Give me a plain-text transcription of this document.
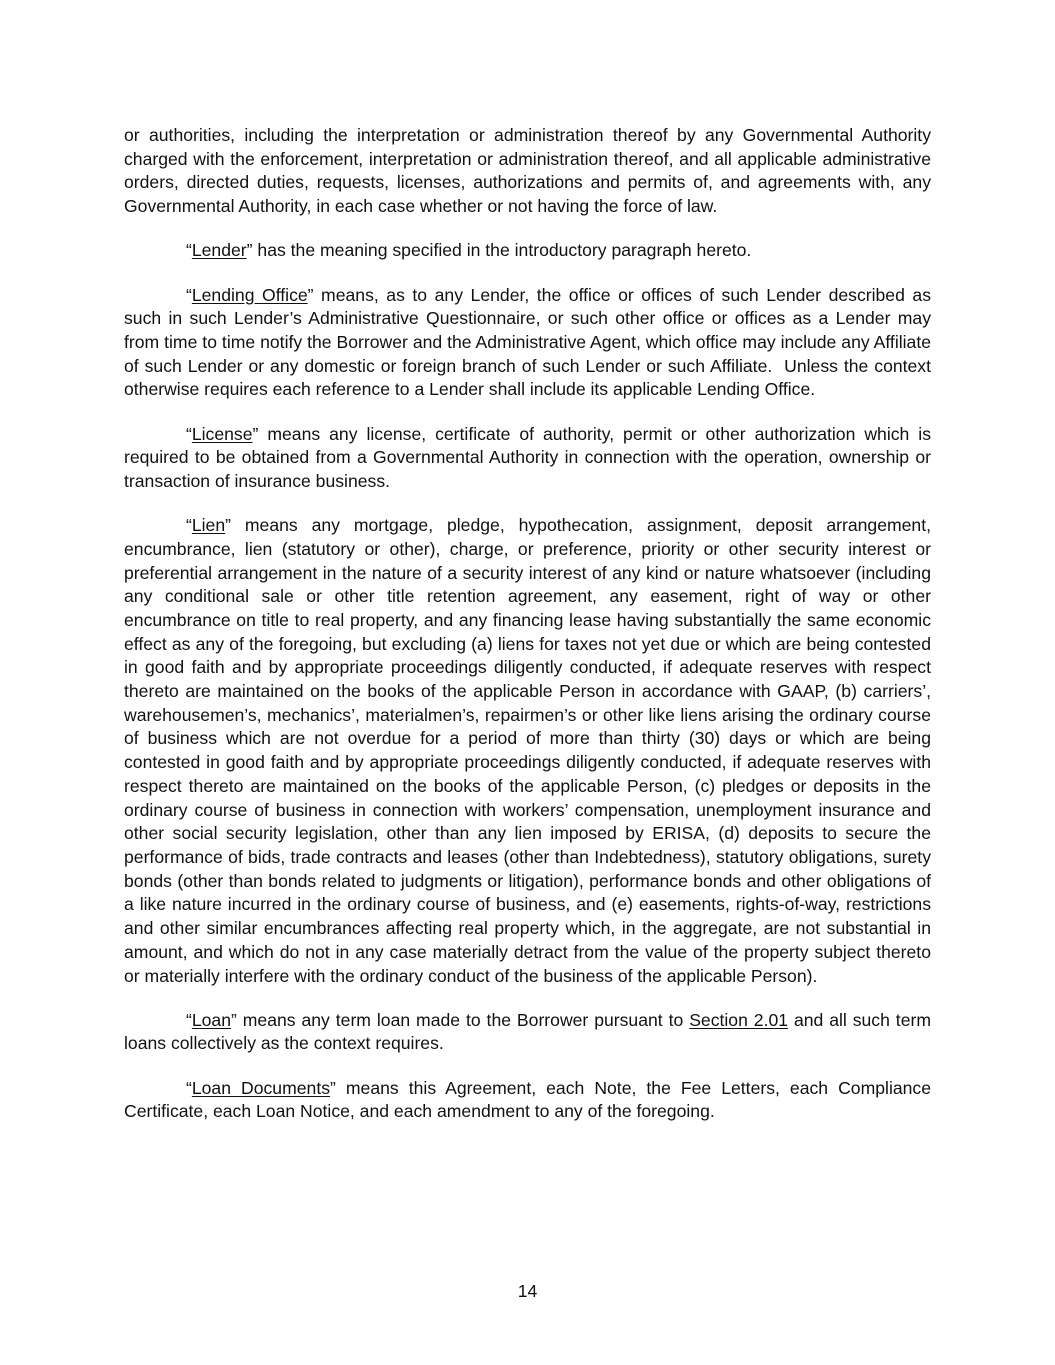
or authorities, including the interpretation or administration thereof by any Governmental Authority charged with the enforcement, interpretation or administration thereof, and all applicable administrative orders, directed duties, requests, licenses, authorizations and permits of, and agreements with, any Governmental Authority, in each case whether or not having the force of law.

“Lender” has the meaning specified in the introductory paragraph hereto.

“Lending Office” means, as to any Lender, the office or offices of such Lender described as such in such Lender’s Administrative Questionnaire, or such other office or offices as a Lender may from time to time notify the Borrower and the Administrative Agent, which office may include any Affiliate of such Lender or any domestic or foreign branch of such Lender or such Affiliate.  Unless the context otherwise requires each reference to a Lender shall include its applicable Lending Office.

“License” means any license, certificate of authority, permit or other authorization which is required to be obtained from a Governmental Authority in connection with the operation, ownership or transaction of insurance business.

“Lien” means any mortgage, pledge, hypothecation, assignment, deposit arrangement, encumbrance, lien (statutory or other), charge, or preference, priority or other security interest or preferential arrangement in the nature of a security interest of any kind or nature whatsoever (including any conditional sale or other title retention agreement, any easement, right of way or other encumbrance on title to real property, and any financing lease having substantially the same economic effect as any of the foregoing, but excluding (a) liens for taxes not yet due or which are being contested in good faith and by appropriate proceedings diligently conducted, if adequate reserves with respect thereto are maintained on the books of the applicable Person in accordance with GAAP, (b) carriers’, warehousemen’s, mechanics’, materialmen’s, repairmen’s or other like liens arising the ordinary course of business which are not overdue for a period of more than thirty (30) days or which are being contested in good faith and by appropriate proceedings diligently conducted, if adequate reserves with respect thereto are maintained on the books of the applicable Person, (c) pledges or deposits in the ordinary course of business in connection with workers’ compensation, unemployment insurance and other social security legislation, other than any lien imposed by ERISA, (d) deposits to secure the performance of bids, trade contracts and leases (other than Indebtedness), statutory obligations, surety bonds (other than bonds related to judgments or litigation), performance bonds and other obligations of a like nature incurred in the ordinary course of business, and (e) easements, rights-of-way, restrictions and other similar encumbrances affecting real property which, in the aggregate, are not substantial in amount, and which do not in any case materially detract from the value of the property subject thereto or materially interfere with the ordinary conduct of the business of the applicable Person).

“Loan” means any term loan made to the Borrower pursuant to Section 2.01 and all such term loans collectively as the context requires.

“Loan Documents” means this Agreement, each Note, the Fee Letters, each Compliance Certificate, each Loan Notice, and each amendment to any of the foregoing.

14
